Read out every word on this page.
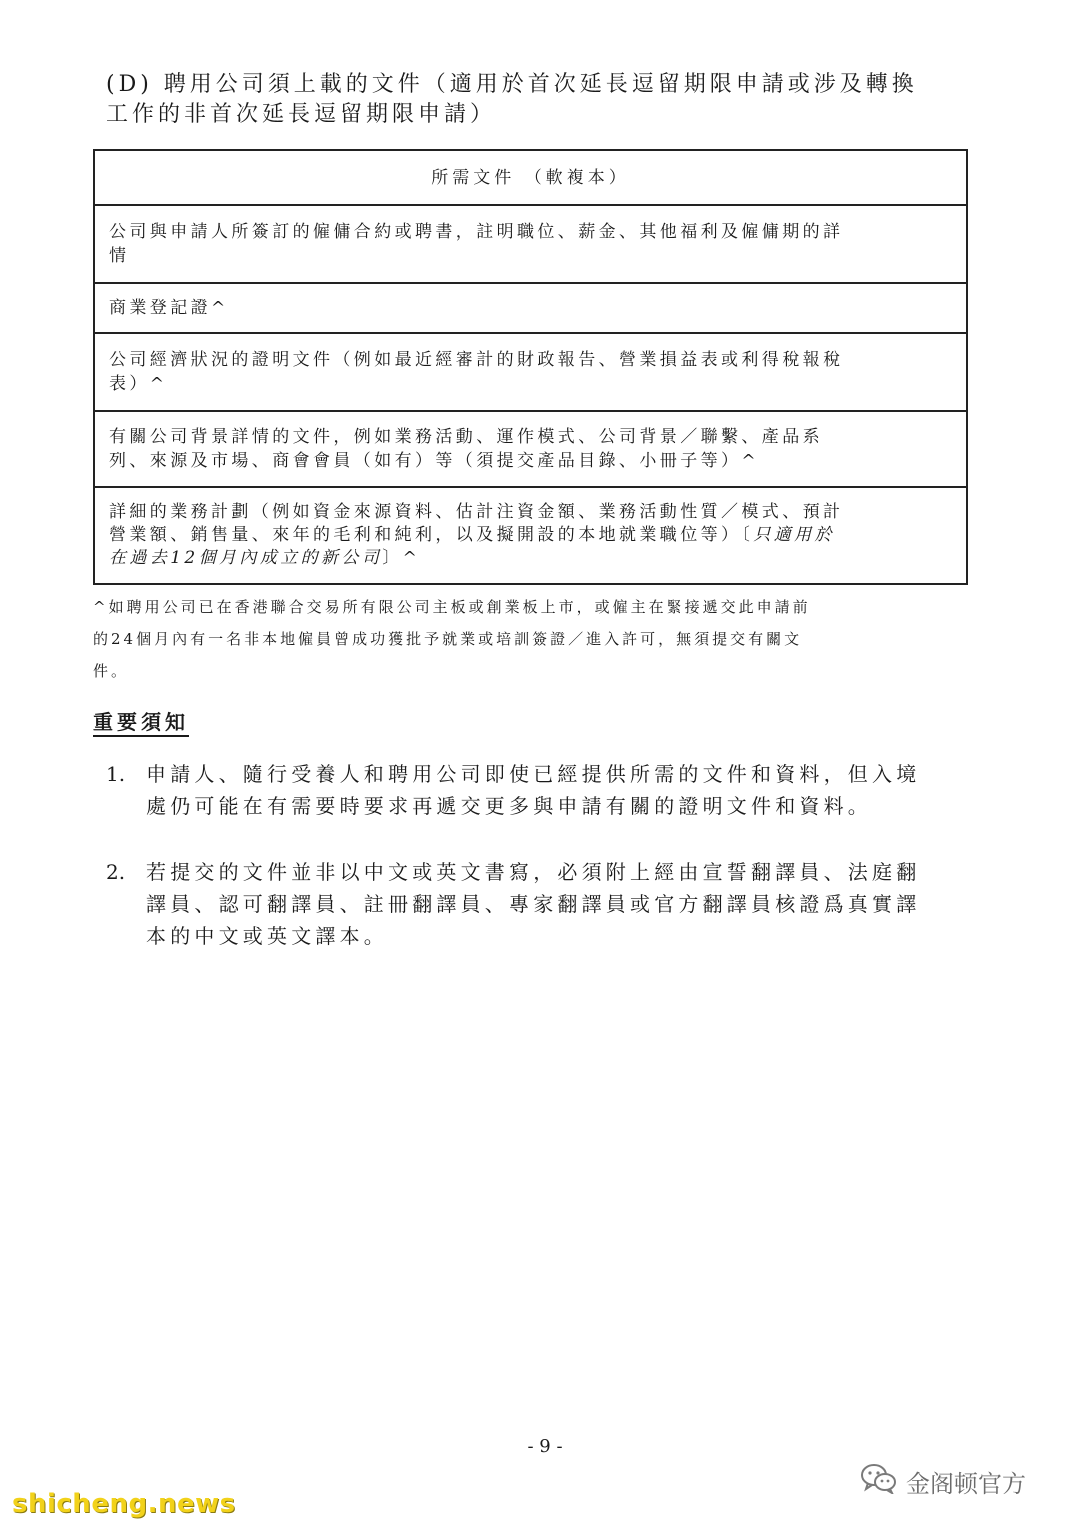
(D) 聘用公司須上載的文件（適用於首次延長逗留期限申請或涉及轉換
工作的非首次延長逗留期限申請）
所需文件 （軟複本）
公司與申請人所簽訂的僱傭合約或聘書，註明職位、薪金、其他福利及僱傭期的詳
情
商業登記證^
公司經濟狀況的證明文件（例如最近經審計的財政報告、營業損益表或利得稅報稅
表）^
有關公司背景詳情的文件，例如業務活動、運作模式、公司背景／聯繫、產品系
列、來源及市場、商會會員（如有）等（須提交產品目錄、小冊子等）^
詳細的業務計劃（例如資金來源資料、估計注資金額、業務活動性質／模式、預計
營業額、銷售量、來年的毛利和純利，以及擬開設的本地就業職位等）〔只適用於
在過去12個月內成立的新公司〕^
^如聘用公司已在香港聯合交易所有限公司主板或創業板上市，或僱主在緊接遞交此申請前
的24個月內有一名非本地僱員曾成功獲批予就業或培訓簽證／進入許可，無須提交有關文
件。
重要須知
1. 申請人、隨行受養人和聘用公司即使已經提供所需的文件和資料，但入境
處仍可能在有需要時要求再遞交更多與申請有關的證明文件和資料。
2. 若提交的文件並非以中文或英文書寫，必須附上經由宣誓翻譯員、法庭翻
譯員、認可翻譯員、註冊翻譯員、專家翻譯員或官方翻譯員核證爲真實譯
本的中文或英文譯本。
- 9 -
金阁顿官方
shicheng.news
